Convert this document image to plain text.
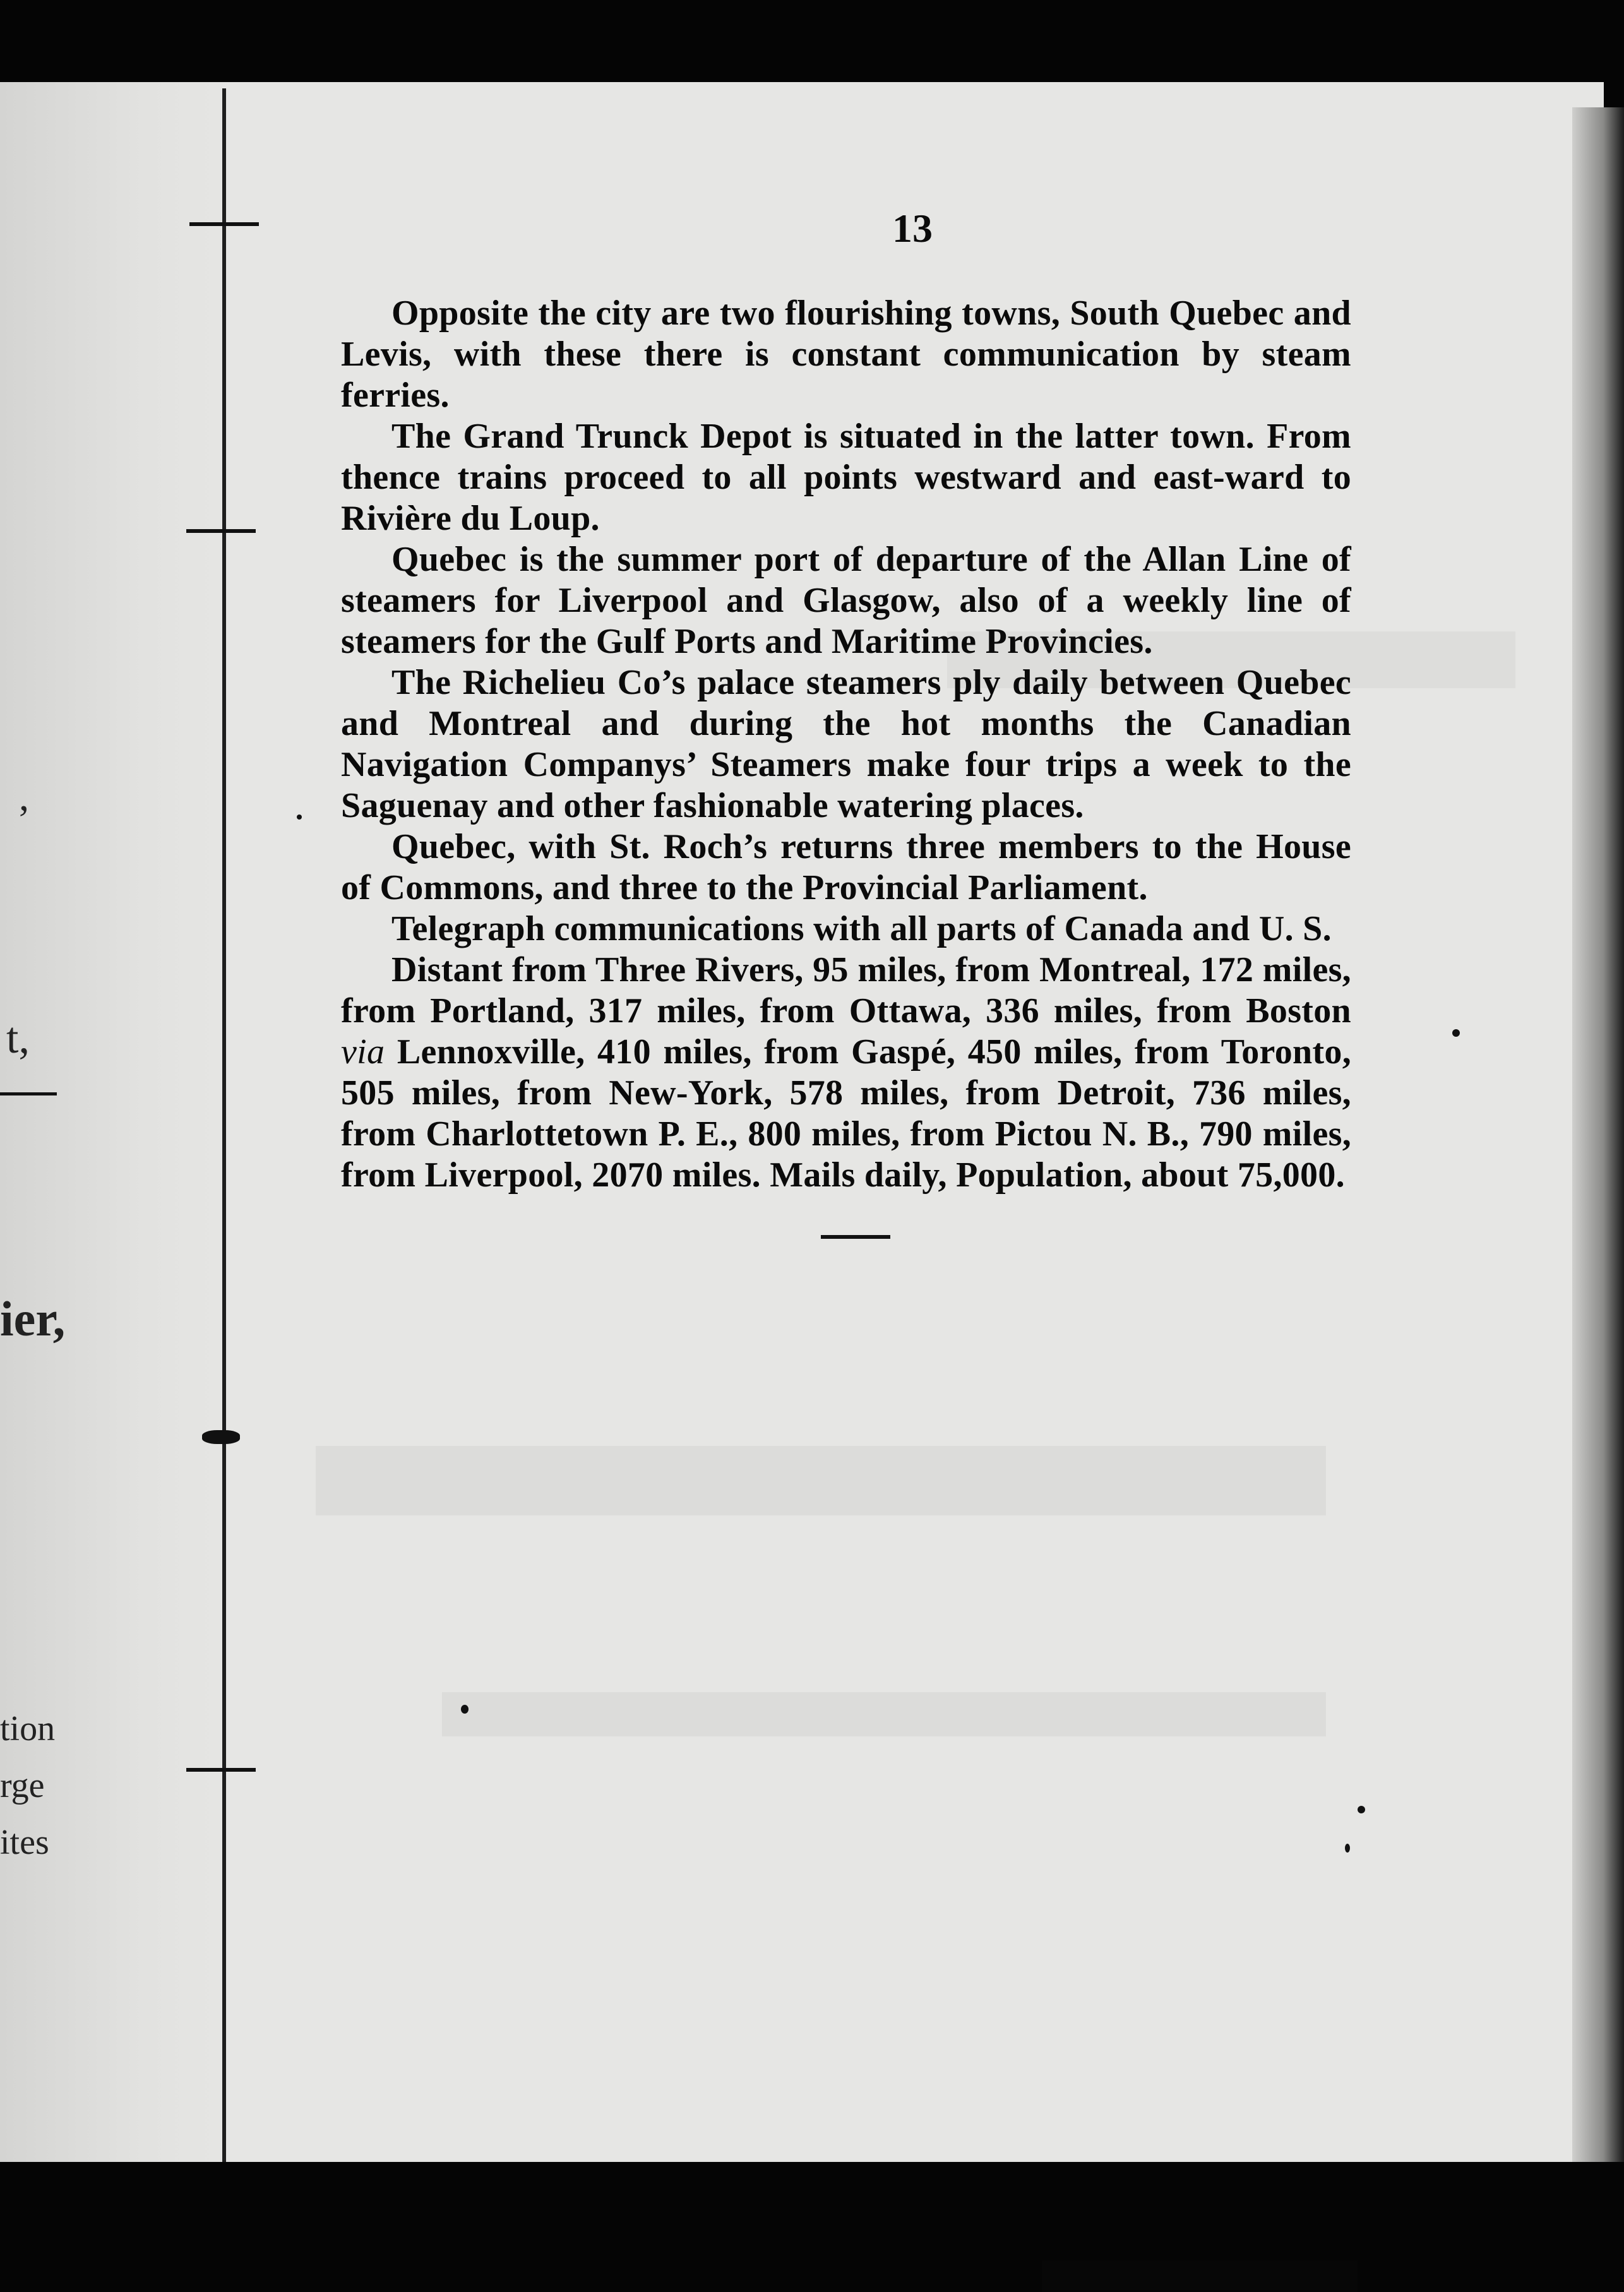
,
t,
ier,
tion
rge
ites
13

Opposite the city are two flourishing towns, South Quebec and Levis, with these there is constant communication by steam ferries.

The Grand Trunck Depot is situated in the latter town. From thence trains proceed to all points westward and east-ward to Rivière du Loup.

Quebec is the summer port of departure of the Allan Line of steamers for Liverpool and Glasgow, also of a weekly line of steamers for the Gulf Ports and Maritime Provincies.

The Richelieu Co’s palace steamers ply daily between Quebec and Montreal and during the hot months the Canadian Navigation Companys’ Steamers make four trips a week to the Saguenay and other fashionable watering places.

Quebec, with St. Roch’s returns three members to the House of Commons, and three to the Provincial Parliament.

Telegraph communications with all parts of Canada and U. S.

Distant from Three Rivers, 95 miles, from Montreal, 172 miles, from Portland, 317 miles, from Ottawa, 336 miles, from Boston via Lennoxville, 410 miles, from Gaspé, 450 miles, from Toronto, 505 miles, from New-York, 578 miles, from Detroit, 736 miles, from Charlottetown P. E., 800 miles, from Pictou N. B., 790 miles, from Liverpool, 2070 miles. Mails daily, Population, about 75,000.
